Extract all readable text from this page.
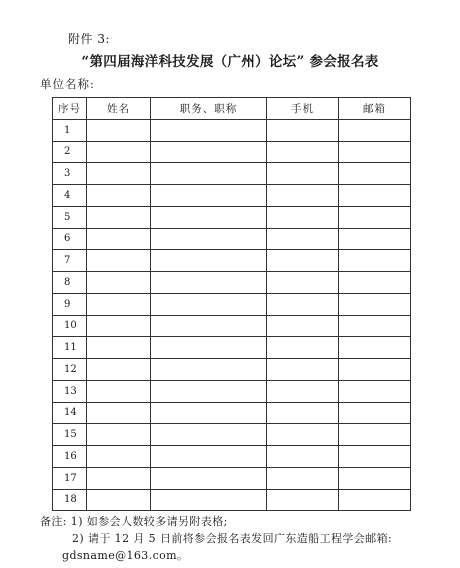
附件 3:
“第四届海洋科技发展（广州）论坛” 参会报名表
单位名称:
序号	姓名	职务、职称	手机	邮箱
1				
2				
3				
4				
5				
6				
7				
8				
9				
10				
11				
12				
13				
14				
15				
16				
17				
18				
备注: 1) 如参会人数较多请另附表格;
2) 请于 12 月 5 日前将参会报名表发回广东造船工程学会邮箱:
gdsname@163.com。
